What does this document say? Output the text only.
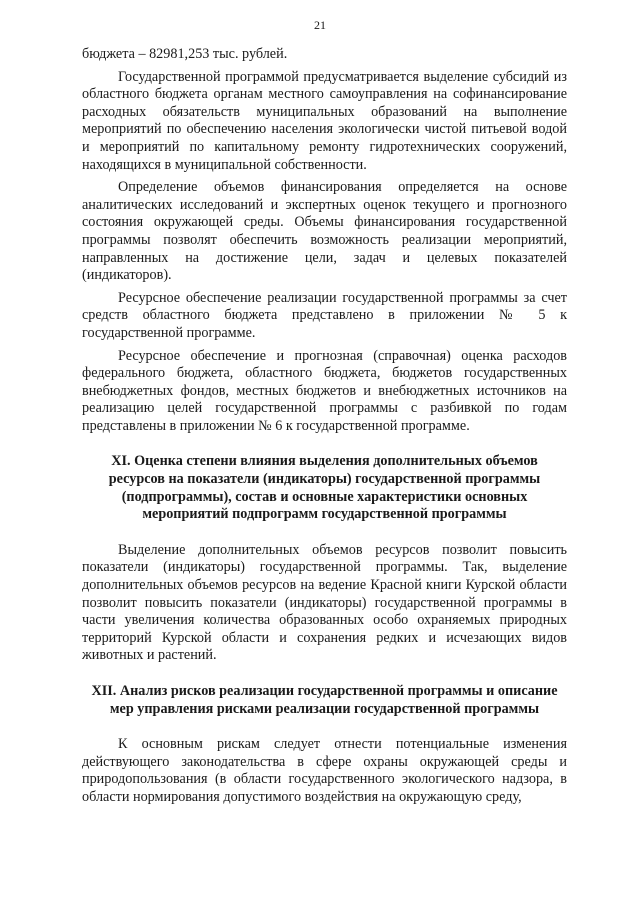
21

бюджета – 82981,253 тыс. рублей.

Государственной программой предусматривается выделение субсидий из областного бюджета органам местного самоуправления на софинансирование расходных обязательств муниципальных образований на выполнение мероприятий по обеспечению населения экологически чистой питьевой водой и мероприятий по капитальному ремонту гидротехнических сооружений, находящихся в муниципальной собственности.

Определение объемов финансирования определяется на основе аналитических исследований и экспертных оценок текущего и прогнозного состояния окружающей среды. Объемы финансирования государственной программы позволят обеспечить возможность реализации мероприятий, направленных на достижение цели, задач и целевых показателей (индикаторов).

Ресурсное обеспечение реализации государственной программы за счет средств областного бюджета представлено в приложении № 5 к государственной программе.

Ресурсное обеспечение и прогнозная (справочная) оценка расходов федерального бюджета, областного бюджета, бюджетов государственных внебюджетных фондов, местных бюджетов и внебюджетных источников на реализацию целей государственной программы с разбивкой по годам представлены в приложении № 6 к государственной программе.

XI. Оценка степени влияния выделения дополнительных объемов ресурсов на показатели (индикаторы) государственной программы (подпрограммы), состав и основные характеристики основных мероприятий подпрограмм государственной программы

Выделение дополнительных объемов ресурсов позволит повысить показатели (индикаторы) государственной программы. Так, выделение дополнительных объемов ресурсов на ведение Красной книги Курской области позволит повысить показатели (индикаторы) государственной программы в части увеличения количества образованных особо охраняемых природных территорий Курской области и сохранения редких и исчезающих видов животных и растений.

XII. Анализ рисков реализации государственной программы и описание мер управления рисками реализации государственной программы

К основным рискам следует отнести потенциальные изменения действующего законодательства в сфере охраны окружающей среды и природопользования (в области государственного экологического надзора, в области нормирования допустимого воздействия на окружающую среду,
